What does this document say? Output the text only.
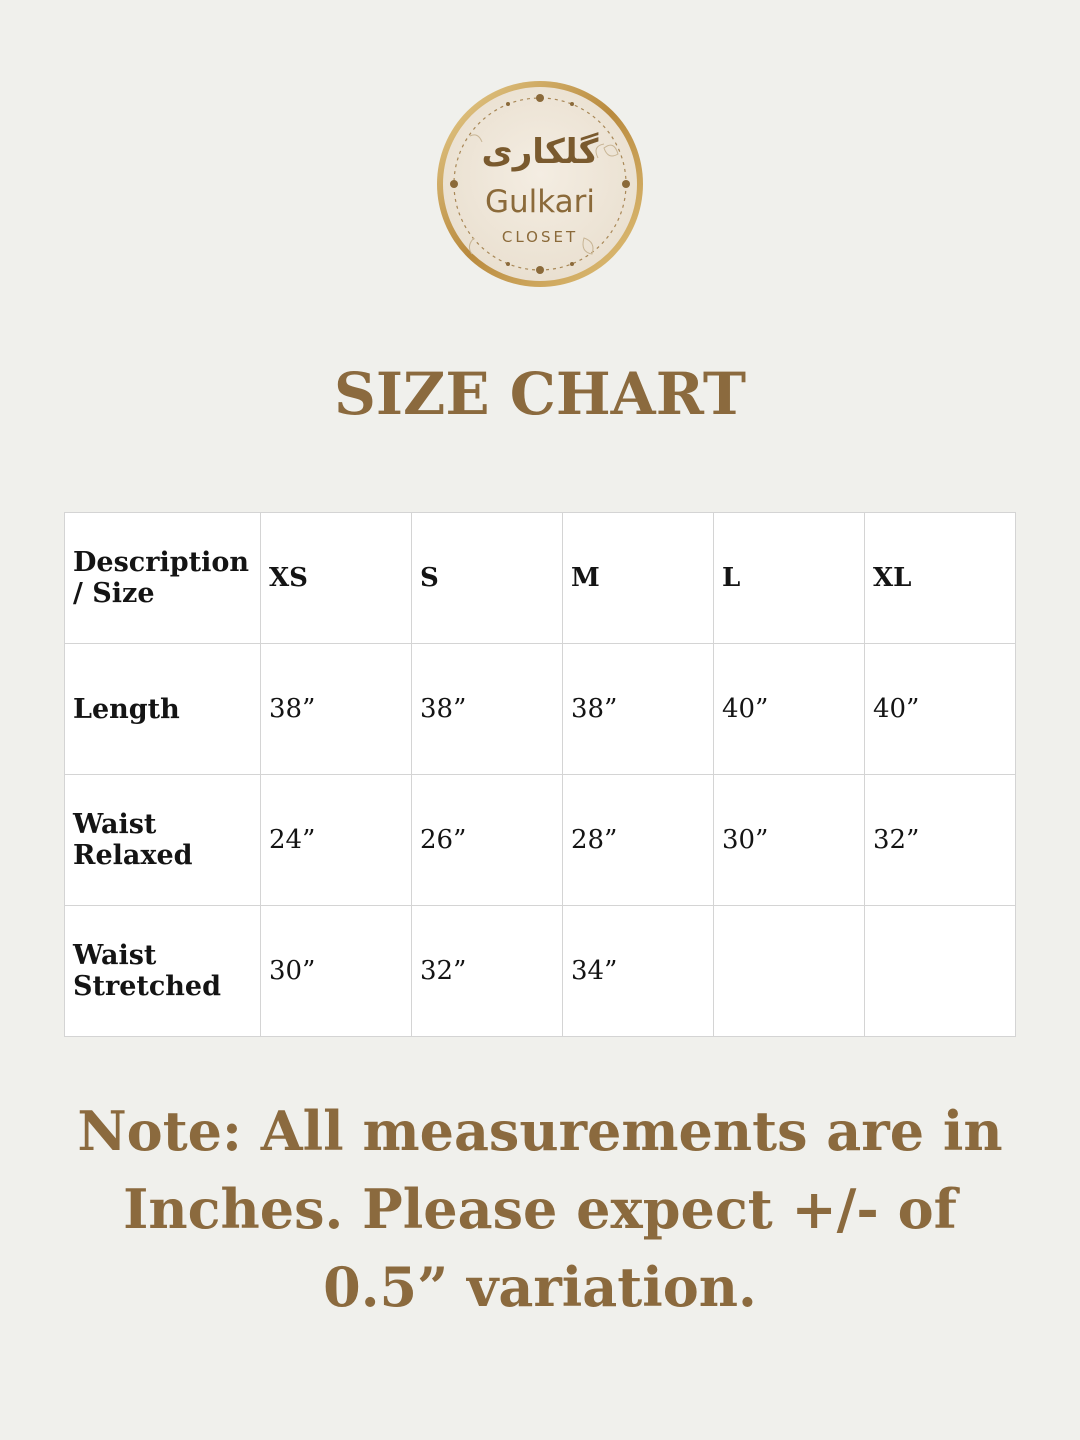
گلکاری
Gulkari
CLOSET
SIZE CHART
Description / Size	XS	S	M	L	XL
Length	38”	38”	38”	40”	40”
Waist Relaxed	24”	26”	28”	30”	32”
Waist Stretched	30”	32”	34”		
Note: All measurements are in Inches. Please expect +/- of 0.5” variation.
